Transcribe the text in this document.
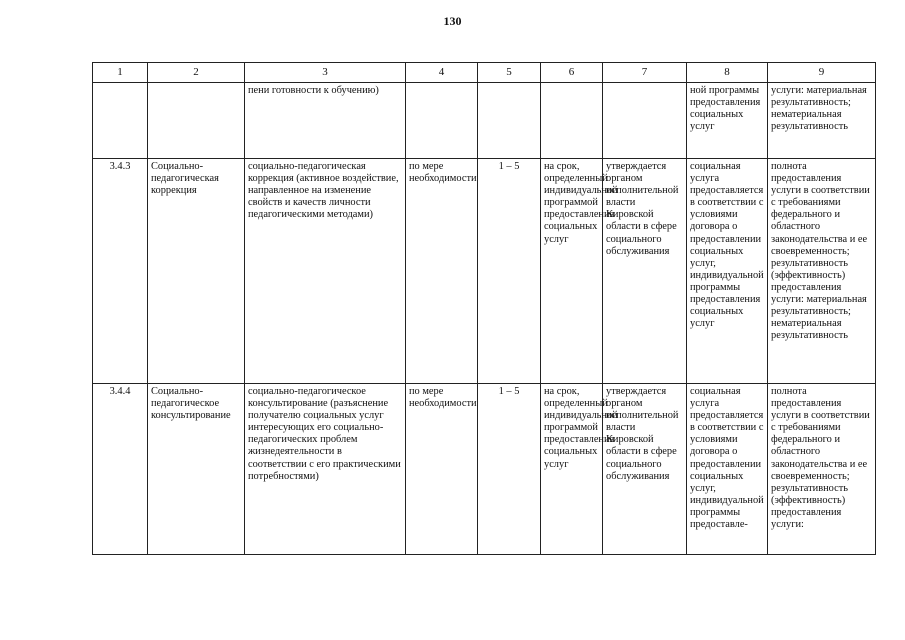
130
1	2	3	4	5	6	7	8	9
		пени готовности к обучению)					ной программы предоставления социальных услуг	услуги: материальная результативность; нематериальная результативность
3.4.3	Социально-педагогическая коррекция	социально-педагогическая коррекция (активное воздействие, направленное на изменение свойств и качеств личности педагогическими методами)	по мере необходимости	1 – 5	на срок, определенный индивидуальной программой предоставления социальных услуг	утверждается органом исполнительной власти Кировской области в сфере социального обслуживания	социальная услуга предоставляется в соответствии с условиями договора о предоставлении социальных услуг, индивидуальной программы предоставления социальных услуг	полнота предоставления услуги в соответствии с требованиями федерального и областного законодательства и ее своевременность; результативность (эффективность) предоставления услуги: материальная результативность; нематериальная результативность
3.4.4	Социально-педагогическое консультирование	социально-педагогическое консультирование (разъяснение получателю социальных услуг интересующих его социально-педагогических проблем жизнедеятельности в соответствии с его практическими потребностями)	по мере необходимости	1 – 5	на срок, определенный индивидуальной программой предоставления социальных услуг	утверждается органом исполнительной власти Кировской области в сфере социального обслуживания	социальная услуга предоставляется в соответствии с условиями договора о предоставлении социальных услуг, индивидуальной программы предоставле-	полнота предоставления услуги в соответствии с требованиями федерального и областного законодательства и ее своевременность; результативность (эффективность) предоставления услуги:
